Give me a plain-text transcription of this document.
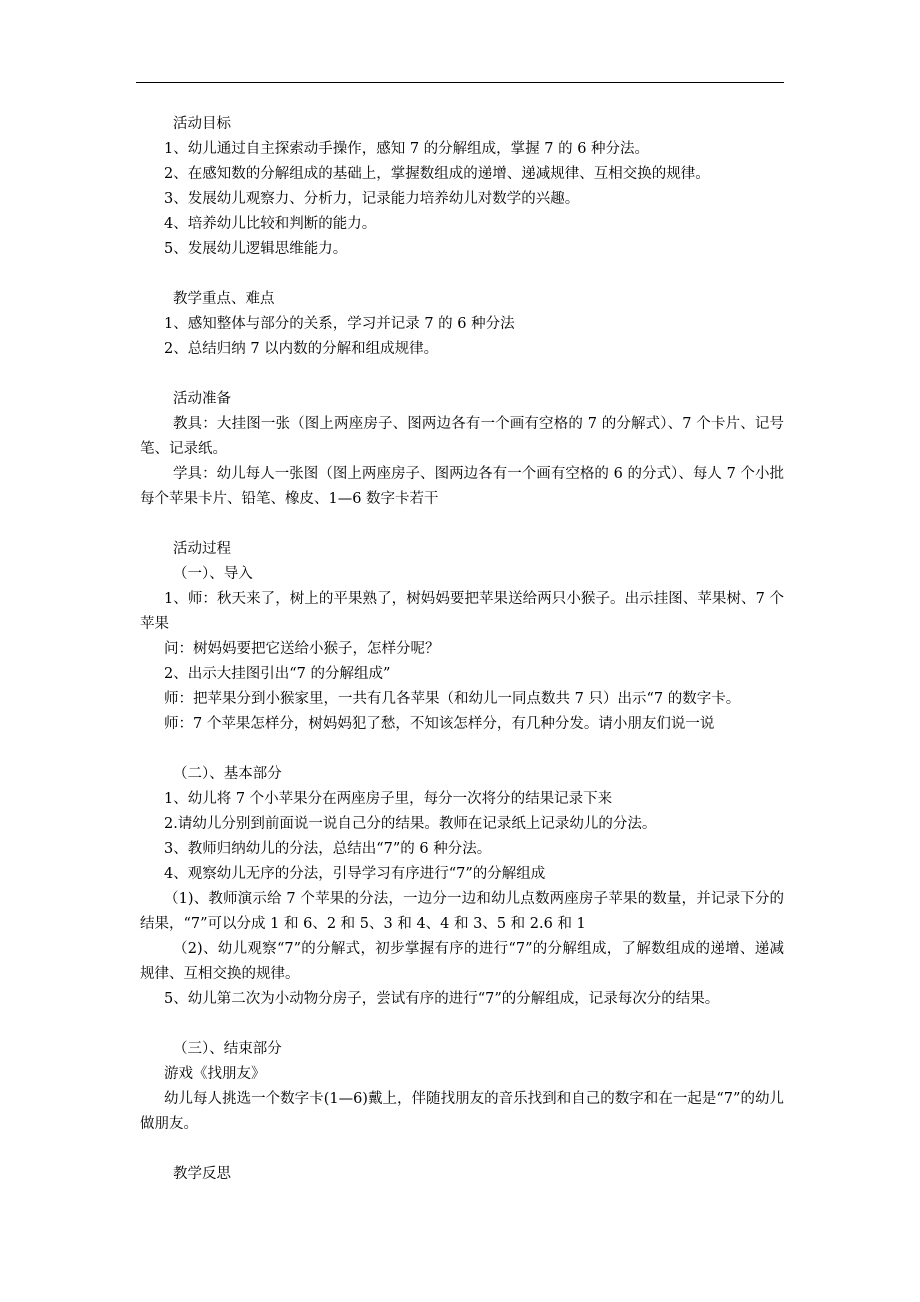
活动目标

1、幼儿通过自主探索动手操作，感知 7 的分解组成，掌握 7 的 6 种分法。

2、在感知数的分解组成的基础上，掌握数组成的递增、递减规律、互相交换的规律。

3、发展幼儿观察力、分析力，记录能力培养幼儿对数学的兴趣。

4、培养幼儿比较和判断的能力。

5、发展幼儿逻辑思维能力。

教学重点、难点

1、感知整体与部分的关系，学习并记录 7 的 6 种分法

2、总结归纳 7 以内数的分解和组成规律。

活动准备

教具：大挂图一张（图上两座房子、图两边各有一个画有空格的 7 的分解式）、7 个卡片、记号笔、记录纸。

学具：幼儿每人一张图（图上两座房子、图两边各有一个画有空格的 6 的分式）、每人 7 个小批每个苹果卡片、铅笔、橡皮、1—6 数字卡若干

活动过程

（一）、导入

1、师：秋天来了，树上的平果熟了，树妈妈要把苹果送给两只小猴子。出示挂图、苹果树、7 个苹果

问：树妈妈要把它送给小猴子，怎样分呢？

2、出示大挂图引出“7 的分解组成”

师：把苹果分到小猴家里，一共有几各苹果（和幼儿一同点数共 7 只）出示“7 的数字卡。

师：7 个苹果怎样分，树妈妈犯了愁，不知该怎样分，有几种分发。请小朋友们说一说

（二）、基本部分

1、幼儿将 7 个小苹果分在两座房子里，每分一次将分的结果记录下来

2.请幼儿分别到前面说一说自己分的结果。教师在记录纸上记录幼儿的分法。

3、教师归纳幼儿的分法，总结出“7”的 6 种分法。

4、观察幼儿无序的分法，引导学习有序进行“7”的分解组成

（1)、教师演示给 7 个苹果的分法，一边分一边和幼儿点数两座房子苹果的数量，并记录下分的结果，“7”可以分成 1 和 6、2 和 5、3 和 4、4 和 3、5 和 2.6 和 1

（2)、幼儿观察“7”的分解式，初步掌握有序的进行“7”的分解组成，了解数组成的递增、递减规律、互相交换的规律。

5、幼儿第二次为小动物分房子，尝试有序的进行“7”的分解组成，记录每次分的结果。

（三）、结束部分

游戏《找朋友》

幼儿每人挑选一个数字卡(1—6)戴上，伴随找朋友的音乐找到和自己的数字和在一起是“7”的幼儿做朋友。

教学反思
